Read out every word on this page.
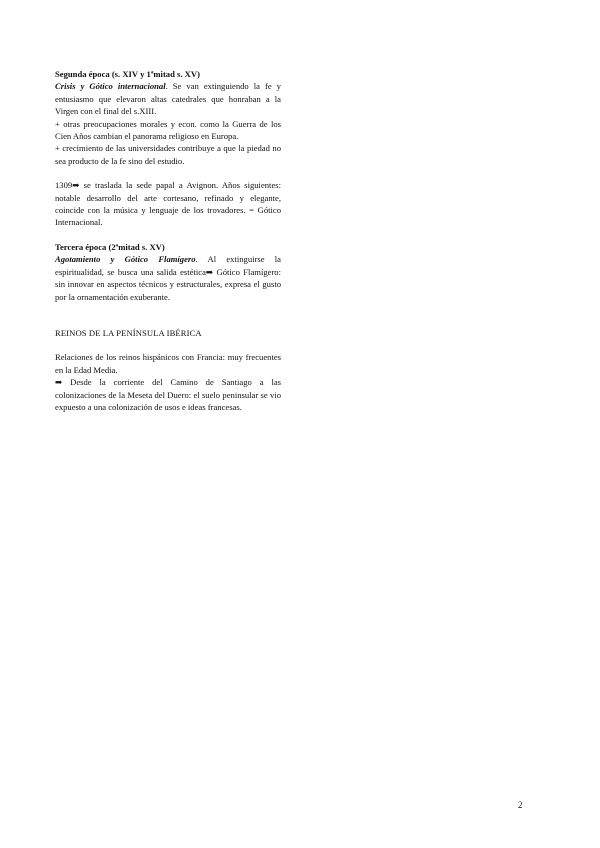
Segunda época (s. XIV y 1ªmitad s. XV)

Crisis y Gótico internacional. Se van extinguiendo la fe y entusiasmo que elevaron altas catedrales que honraban a la Virgen con el final del s.XIII.

+ otras preocupaciones morales y econ. como la Guerra de los Cien Años cambian el panorama religioso en Europa.

+ crecimiento de las universidades contribuye a que la piedad no sea producto de la fe sino del estudio.

1309➡ se traslada la sede papal a Avignon. Años siguientes: notable desarrollo del arte cortesano, refinado y elegante, coincide con la música y lenguaje de los trovadores. = Gótico Internacional.

Tercera época (2ªmitad s. XV)

Agotamiento y Gótico Flamígero. Al extinguirse la espiritualidad, se busca una salida estética➡ Gótico Flamígero: sin innovar en aspectos técnicos y estructurales, expresa el gusto por la ornamentación exuberante.

REINOS DE LA PENÍNSULA IBÉRICA

Relaciones de los reinos hispánicos con Francia: muy frecuentes en la Edad Media.

➡ Desde la corriente del Camino de Santiago a las colonizaciones de la Meseta del Duero: el suelo peninsular se vio expuesto a una colonización de usos e ideas francesas.

2
